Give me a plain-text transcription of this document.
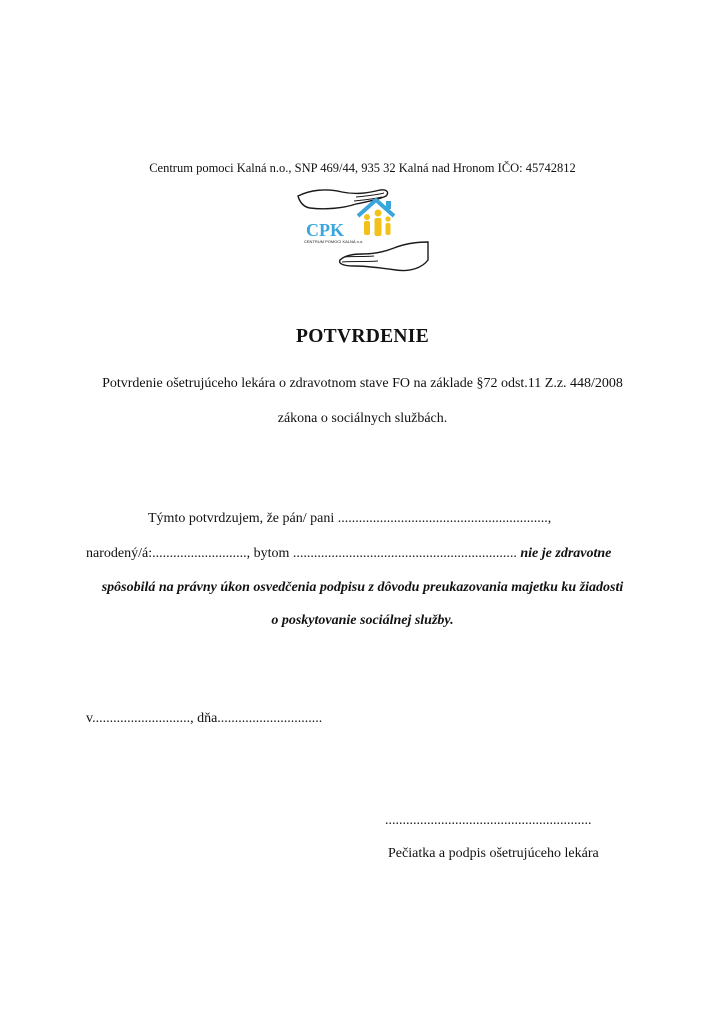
Centrum pomoci Kalná n.o., SNP 469/44, 935 32 Kalná nad Hronom IČO: 45742812
CPK
CENTRUM POMOCI KALNÁ n.o.
POTVRDENIE
Potvrdenie ošetrujúceho lekára o zdravotnom stave FO na základe §72 odst.11 Z.z. 448/2008
zákona o sociálnych službách.
Týmto potvrdzujem, že pán/ pani ............................................................,
narodený/á:..........................., bytom ................................................................ nie je zdravotne
spôsobilá na právny úkon osvedčenia podpisu z dôvodu preukazovania majetku ku žiadosti
o poskytovanie sociálnej služby.
v............................, dňa..............................
...........................................................
Pečiatka a podpis ošetrujúceho lekára
